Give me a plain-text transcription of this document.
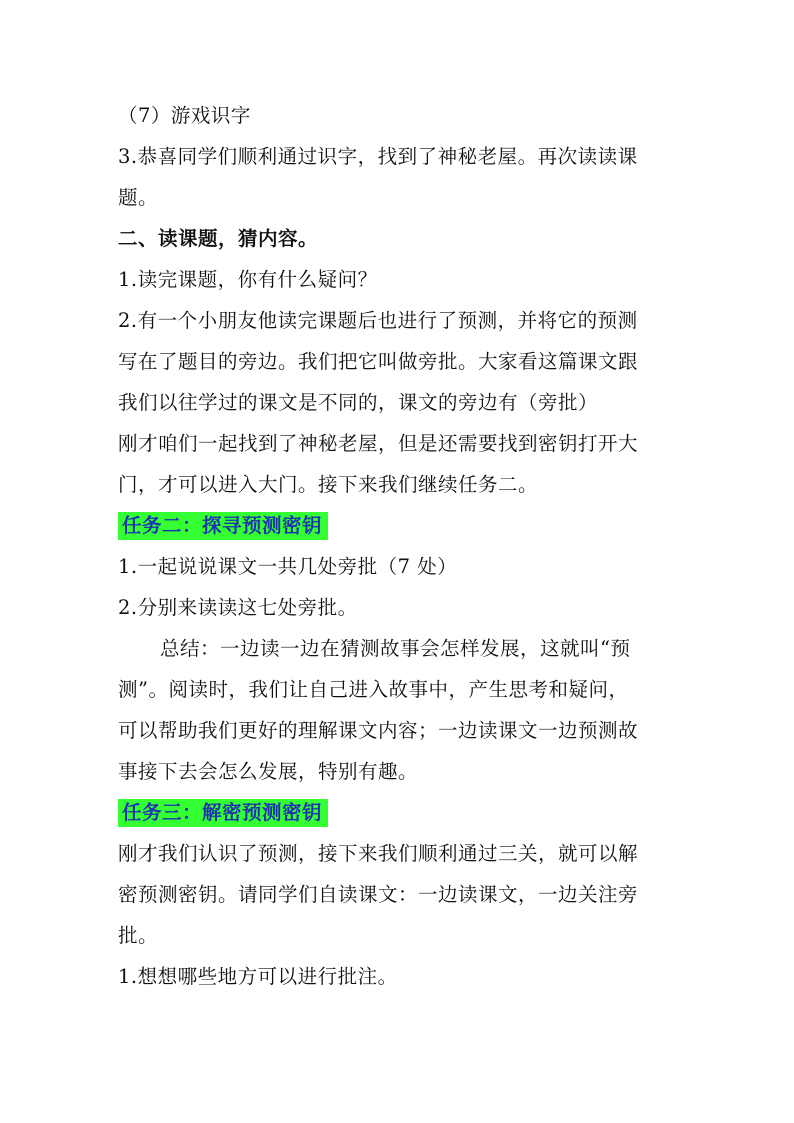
（7）游戏识字
3.恭喜同学们顺利通过识字，找到了神秘老屋。再次读读课
题。
二、读课题，猜内容。
1.读完课题，你有什么疑问？
2.有一个小朋友他读完课题后也进行了预测，并将它的预测
写在了题目的旁边。我们把它叫做旁批。大家看这篇课文跟
我们以往学过的课文是不同的，课文的旁边有（旁批）
刚才咱们一起找到了神秘老屋，但是还需要找到密钥打开大
门，才可以进入大门。接下来我们继续任务二。
任务二：探寻预测密钥
1.一起说说课文一共几处旁批（7 处）
2.分别来读读这七处旁批。
总结：一边读一边在猜测故事会怎样发展，这就叫“预
测”。阅读时，我们让自己进入故事中，产生思考和疑问，
可以帮助我们更好的理解课文内容；一边读课文一边预测故
事接下去会怎么发展，特别有趣。
任务三：解密预测密钥
刚才我们认识了预测，接下来我们顺利通过三关，就可以解
密预测密钥。请同学们自读课文：一边读课文，一边关注旁
批。
1.想想哪些地方可以进行批注。
